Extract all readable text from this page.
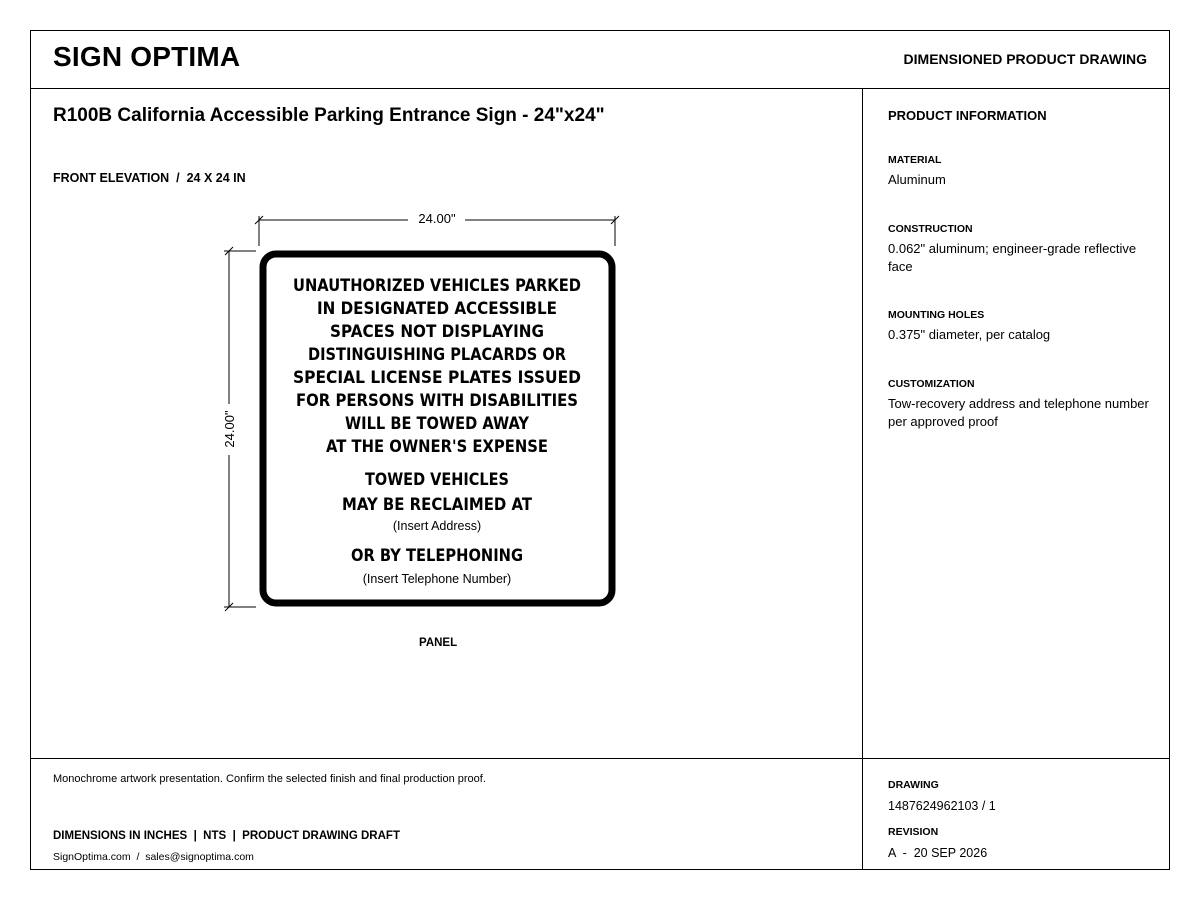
SIGN OPTIMA	DIMENSIONED PRODUCT DRAWING
R100B California Accessible Parking Entrance Sign - 24"x24"
FRONT ELEVATION  /  24 X 24 IN
PANEL
PRODUCT INFORMATION
MATERIAL
Aluminum
CONSTRUCTION
0.062" aluminum; engineer-grade reflective face
MOUNTING HOLES
0.375" diameter, per catalog
CUSTOMIZATION
Tow-recovery address and telephone number per approved proof
Monochrome artwork presentation. Confirm the selected finish and final production proof.
DIMENSIONS IN INCHES  |  NTS  |  PRODUCT DRAWING DRAFT
SignOptima.com  /  sales@signoptima.com
DRAWING
1487624962103 / 1
REVISION
A  -  20 SEP 2026
24.00"
24.00"
UNAUTHORIZED VEHICLES PARKED
IN DESIGNATED ACCESSIBLE
SPACES NOT DISPLAYING
DISTINGUISHING PLACARDS OR
SPECIAL LICENSE PLATES ISSUED
FOR PERSONS WITH DISABILITIES
WILL BE TOWED AWAY
AT THE OWNER'S EXPENSE
TOWED VEHICLES
MAY BE RECLAIMED AT
(Insert Address)
OR BY TELEPHONING
(Insert Telephone Number)
